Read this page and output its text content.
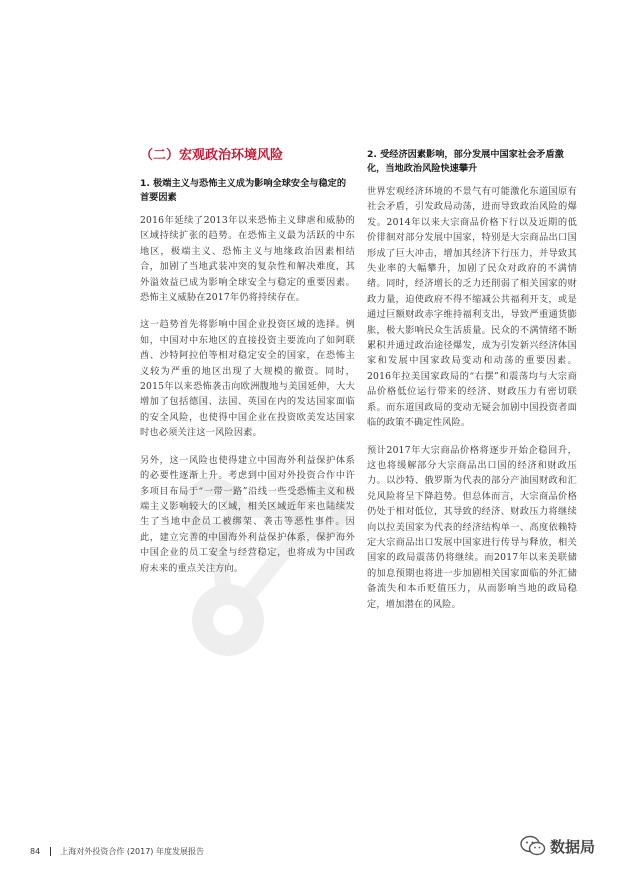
（二）宏观政治环境风险
1. 极端主义与恐怖主义成为影响全球安全与稳定的首要因素

2016年延续了2013年以来恐怖主义肆虐和威胁的区域持续扩张的趋势。在恐怖主义最为活跃的中东地区，极端主义、恐怖主义与地缘政治因素相结合，加剧了当地武装冲突的复杂性和解决难度，其外溢效益已成为影响全球安全与稳定的重要因素。恐怖主义威胁在2017年仍将持续存在。

这一趋势首先将影响中国企业投资区域的选择。例如，中国对中东地区的直接投资主要流向了如阿联酋、沙特阿拉伯等相对稳定安全的国家，在恐怖主义较为严重的地区出现了大规模的撤资。同时，2015年以来恐怖袭击向欧洲腹地与美国延伸，大大增加了包括德国、法国、英国在内的发达国家面临的安全风险，也使得中国企业在投资欧美发达国家时也必须关注这一风险因素。

另外，这一风险也使得建立中国海外利益保护体系的必要性逐渐上升。考虑到中国对外投资合作中许多项目布局于“一带一路”沿线一些受恐怖主义和极端主义影响较大的区域，相关区域近年来也陆续发生了当地中企员工被绑架、袭击等恶性事件。因此，建立完善的中国海外利益保护体系，保护海外中国企业的员工安全与经营稳定，也将成为中国政府未来的重点关注方向。

2. 受经济因素影响，部分发展中国家社会矛盾激化，当地政治风险快速攀升

世界宏观经济环境的不景气有可能激化东道国原有社会矛盾，引发政局动荡，进而导致政治风险的爆发。2014年以来大宗商品价格下行以及近期的低价徘徊对部分发展中国家，特别是大宗商品出口国形成了巨大冲击，增加其经济下行压力，并导致其失业率的大幅攀升，加剧了民众对政府的不满情绪。同时，经济增长的乏力还削弱了相关国家的财政力量，迫使政府不得不缩减公共福利开支，或是通过巨额财政赤字维持福利支出，导致严重通货膨胀，极大影响民众生活质量。民众的不满情绪不断累积并通过政治途径爆发，成为引发新兴经济体国家和发展中国家政局变动和动荡的重要因素。2016年拉美国家政局的“右摆”和震荡均与大宗商品价格低位运行带来的经济、财政压力有密切联系。而东道国政局的变动无疑会加剧中国投资者面临的政策不确定性风险。

预计2017年大宗商品价格将逐步开始企稳回升，这也将缓解部分大宗商品出口国的经济和财政压力。以沙特、俄罗斯为代表的部分产油国财政和汇兑风险将呈下降趋势。但总体而言，大宗商品价格仍处于相对低位，其导致的经济、财政压力将继续向以拉美国家为代表的经济结构单一、高度依赖特定大宗商品出口发展中国家进行传导与释放，相关国家的政局震荡仍将继续。而2017年以来美联储的加息预期也将进一步加剧相关国家面临的外汇储备流失和本币贬值压力，从而影响当地的政局稳定，增加潜在的风险。

84	上海对外投资合作 (2017) 年度发展报告	数据局
